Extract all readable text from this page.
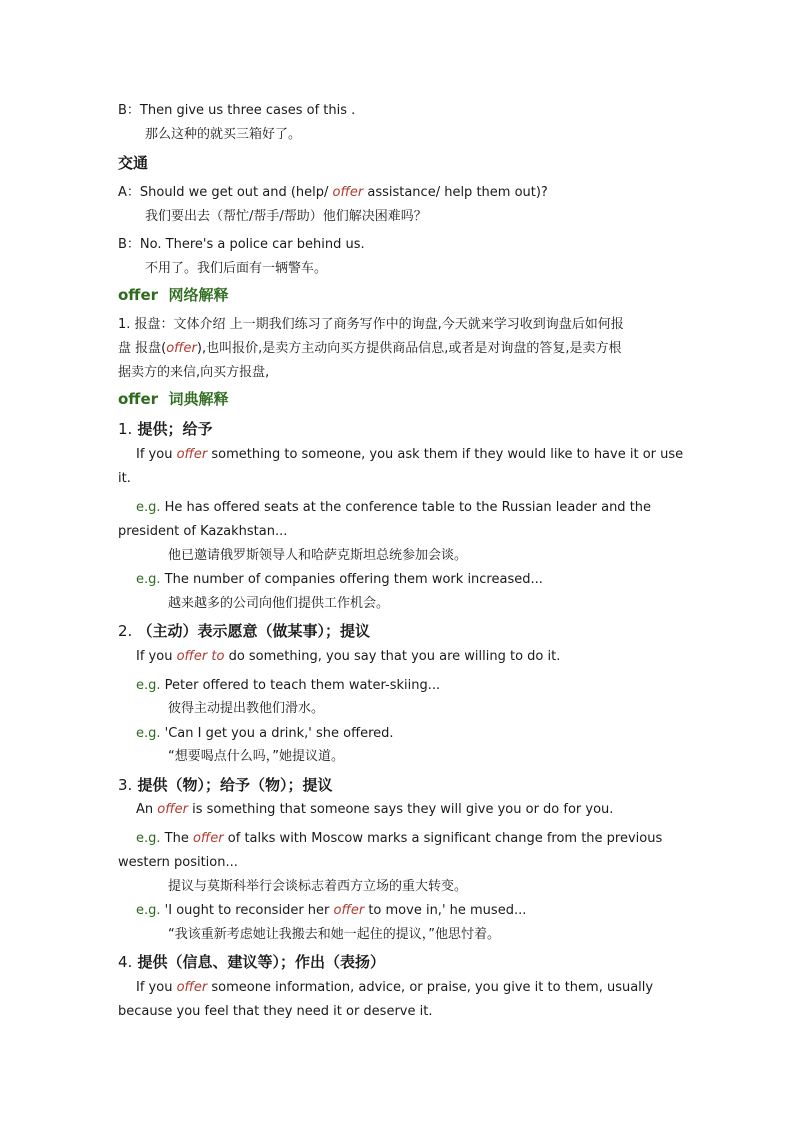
B：Then give us three cases of this .
那么这种的就买三箱好了。
交通
A：Should we get out and (help/ offer assistance/ help them out)?
我们要出去（帮忙/帮手/帮助）他们解决困难吗？
B：No. There's a police car behind us.
不用了。我们后面有一辆警车。
offer 网络解释
1. 报盘：文体介绍 上一期我们练习了商务写作中的询盘,今天就来学习收到询盘后如何报
盘 报盘(offer),也叫报价,是卖方主动向买方提供商品信息,或者是对询盘的答复,是卖方根
据卖方的来信,向买方报盘,
offer 词典解释
1. 提供；给予
If you offer something to someone, you ask them if they would like to have it or use
it.
e.g. He has offered seats at the conference table to the Russian leader and the
president of Kazakhstan...
他已邀请俄罗斯领导人和哈萨克斯坦总统参加会谈。
e.g. The number of companies offering them work increased...
越来越多的公司向他们提供工作机会。
2. （主动）表示愿意（做某事）；提议
If you offer to do something, you say that you are willing to do it.
e.g. Peter offered to teach them water-skiing...
彼得主动提出教他们滑水。
e.g. 'Can I get you a drink,' she offered.
“想要喝点什么吗，”她提议道。
3. 提供（物）；给予（物）；提议
An offer is something that someone says they will give you or do for you.
e.g. The offer of talks with Moscow marks a significant change from the previous
western position...
提议与莫斯科举行会谈标志着西方立场的重大转变。
e.g. 'I ought to reconsider her offer to move in,' he mused...
“我该重新考虑她让我搬去和她一起住的提议，”他思忖着。
4. 提供（信息、建议等）；作出（表扬）
If you offer someone information, advice, or praise, you give it to them, usually
because you feel that they need it or deserve it.
